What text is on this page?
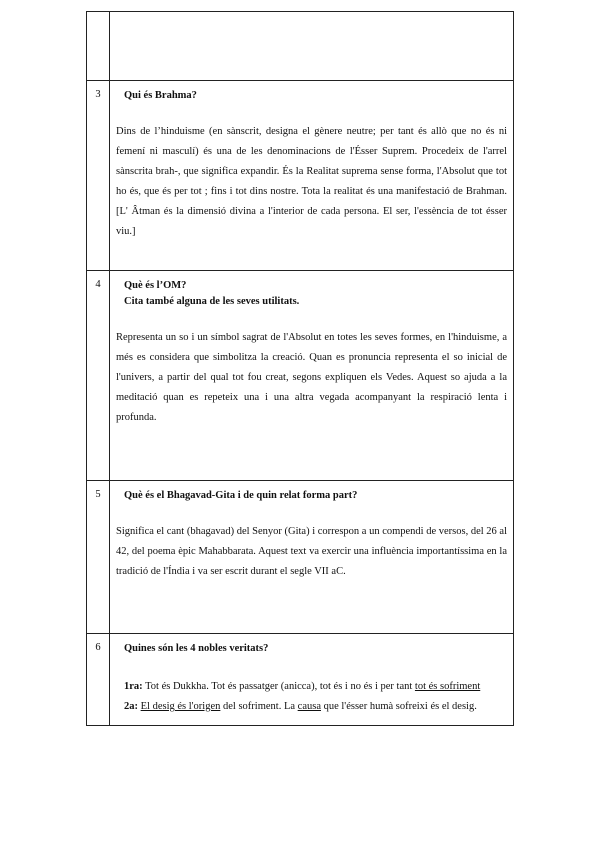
3	Qui és Brahma?
Dins de l’hinduisme (en sànscrit, designa el gènere neutre; per tant és allò que no és ni femení ni masculí) és una de les denominacions de l'Ésser Suprem. Procedeix de l'arrel sànscrita brah-, que significa expandir. És la Realitat suprema sense forma, l'Absolut que tot ho és, que és per tot ; fins i tot dins nostre. Tota la realitat és una manifestació de Brahman. [L' Âtman és la dimensió divina a l'interior de cada persona. El ser, l'essència de tot ésser viu.]

4	Què és l’OM?
Cita també alguna de les seves utilitats.
Representa un so i un símbol sagrat de l'Absolut en totes les seves formes, en l'hinduisme, a més es considera que simbolitza la creació. Quan es pronuncia representa el so inicial de l'univers, a partir del qual tot fou creat, segons expliquen els Vedes. Aquest so ajuda a la meditació quan es repeteix una i una altra vegada acompanyant la respiració lenta i profunda.

5	Què és el Bhagavad-Gita i de quin relat forma part?
Significa el cant (bhagavad) del Senyor (Gita) i correspon a un compendi de versos, del 26 al 42, del poema èpic Mahabbarata. Aquest text va exercir una influència importantíssima en la tradició de l'Índia i va ser escrit durant el segle VII aC.

6	Quines són les 4 nobles veritats?
1ra: Tot és Dukkha. Tot és passatger (anicca), tot és i no és i per tant tot és sofriment
2a: El desig és l'origen del sofriment. La causa que l'ésser humà sofreixi és el desig.
